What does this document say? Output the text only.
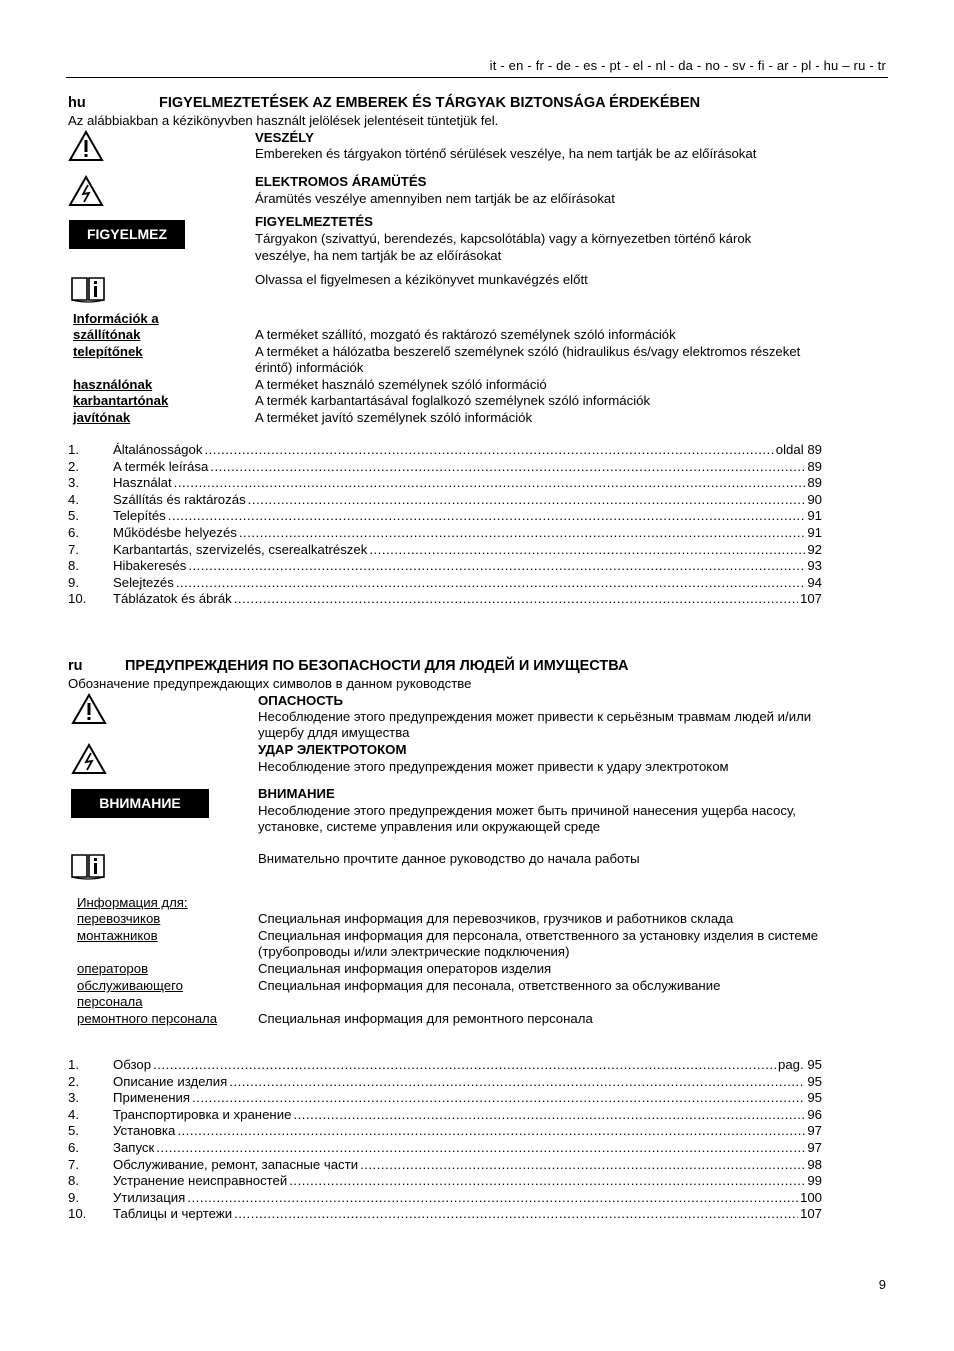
it - en - fr - de - es - pt - el - nl - da - no - sv - fi - ar - pl - hu – ru - tr
hu	FIGYELMEZTETÉSEK AZ EMBEREK ÉS TÁRGYAK BIZTONSÁGA ÉRDEKÉBEN
Az alábbiakban a kézikönyvben használt jelölések jelentéseit tüntetjük fel.
VESZÉLY
Embereken és tárgyakon történő sérülések veszélye, ha nem tartják be az előírásokat
ELEKTROMOS ÁRAMÜTÉS
Áramütés veszélye amennyiben nem tartják be az előírásokat
FIGYELMEZ
FIGYELMEZTETÉS
Tárgyakon (szivattyú, berendezés, kapcsolótábla) vagy a környezetben történő károk
veszélye, ha nem tartják be az előírásokat
Olvassa el figyelmesen a kézikönyvet munkavégzés előtt
Információk a
szállítónak	A terméket szállító, mozgató és raktározó személynek szóló információk
telepítőnek	A terméket a hálózatba beszerelő személynek szóló (hidraulikus és/vagy elektromos részeket
érintő) információk
használónak	A terméket használó személynek szóló információ
karbantartónak	A termék karbantartásával foglalkozó személynek szóló információk
javítónak	A terméket javító személynek szóló információk
1.	Általánosságok .....	oldal 89
2.	A termék leírása .....	89
3.	Használat .....	89
4.	Szállítás és raktározás .....	90
5.	Telepítés .....	91
6.	Működésbe helyezés .....	91
7.	Karbantartás, szervizelés, cserealkatrészek .....	92
8.	Hibakeresés .....	93
9.	Selejtezés .....	94
10.	Táblázatok és ábrák .....	107
ru	ПРЕДУПРЕЖДЕНИЯ ПО БЕЗОПАСНОСТИ ДЛЯ ЛЮДЕЙ И ИМУЩЕСТВА
Обозначение предупреждающих символов в данном руководстве
ОПАСНОСТЬ
Несоблюдение этого предупреждения может привести к серьёзным травмам людей и/или
ущербу длдя имущества
УДАР ЭЛЕКТРОТОКОМ
Несоблюдение этого предупреждения может привести к удару электротоком
ВНИМАНИЕ
ВНИМАНИЕ
Несоблюдение этого предупреждения может быть причиной нанесения ущерба насосу,
установке, системе управления или окружающей среде
Внимательно прочтите данное руководство до начала работы
Информация для:
перевозчиков	Специальная информация для перевозчиков, грузчиков и работников склада
монтажников	Специальная информация для персонала, ответственного за установку изделия в системе
(трубопроводы и/или электрические подключения)
операторов	Специальная информация операторов изделия
обслуживающего	Специальная информация для песонала, ответственного за обслуживание
персонала
ремонтного персонала	Специальная информация для ремонтного персонала
1.	Обзор .....	pag. 95
2.	Описание изделия .....	95
3.	Применения .....	95
4.	Транспортировка и хранение .....	96
5.	Установка .....	97
6.	Запуск .....	97
7.	Обслуживание, ремонт, запасные части .....	98
8.	Устранение неисправностей .....	99
9.	Утилизация .....	100
10.	Таблицы и чертежи .....	107
9
